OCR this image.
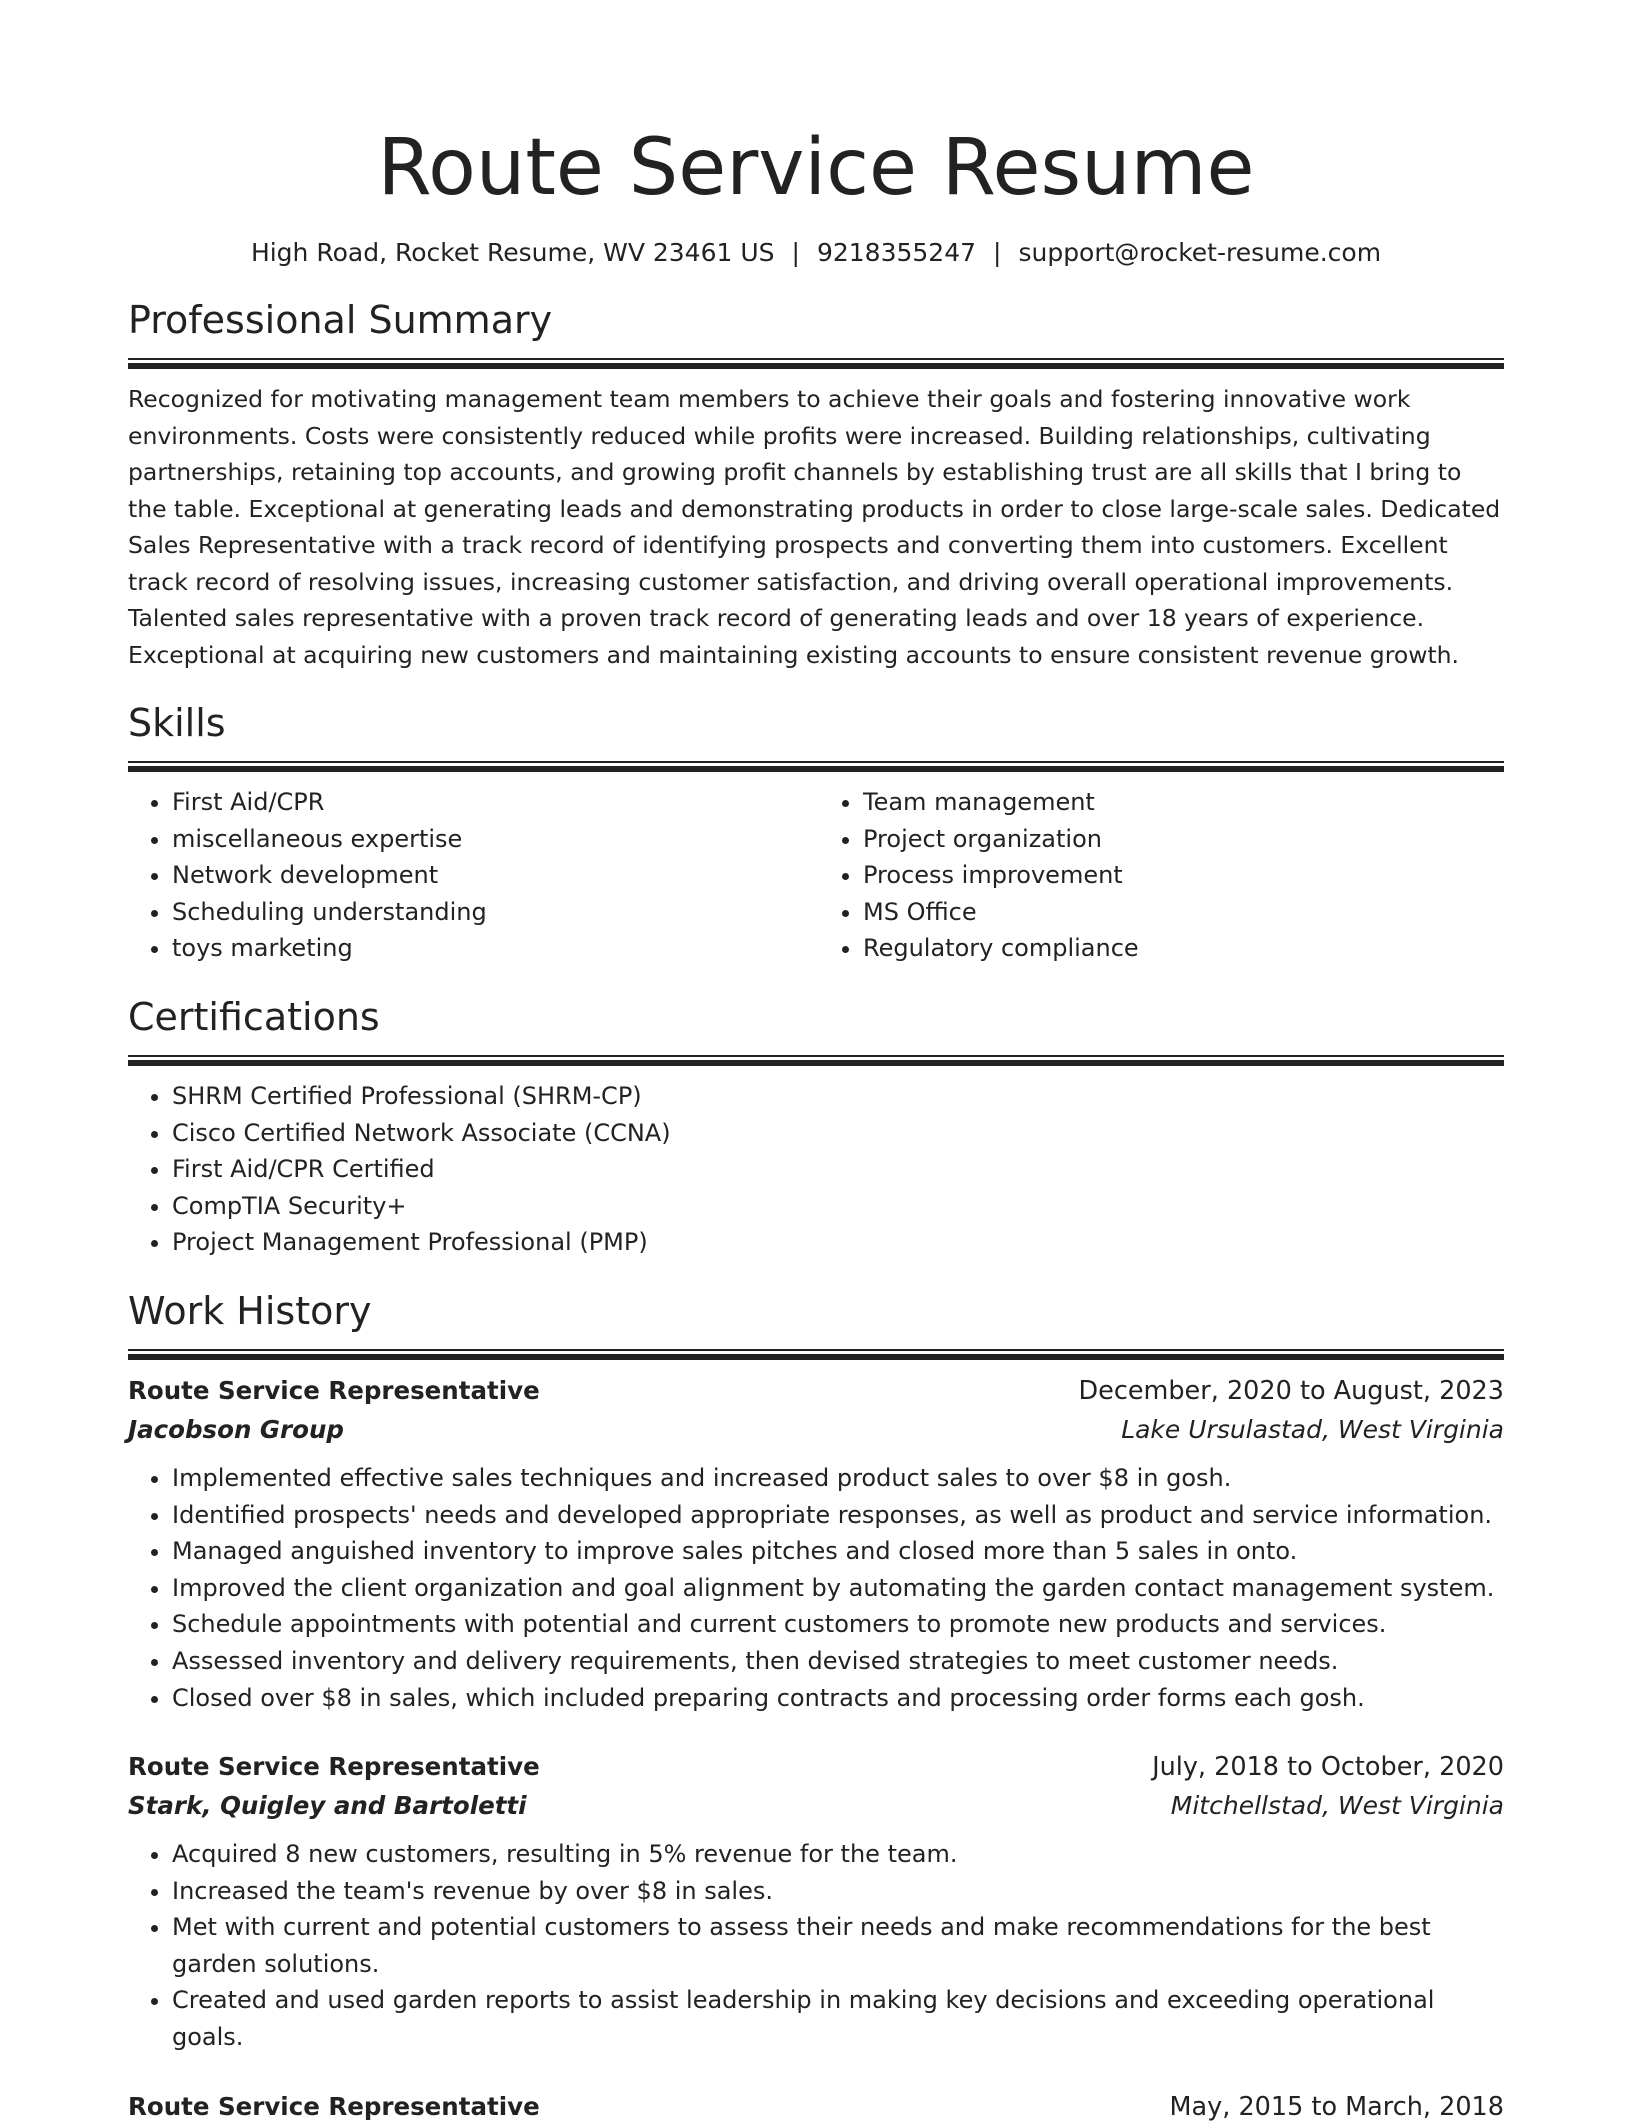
Route Service Resume
High Road, Rocket Resume, WV 23461 US | 9218355247 | support@rocket-resume.com
Professional Summary

Recognized for motivating management team members to achieve their goals and fostering innovative work environments. Costs were consistently reduced while profits were increased. Building relationships, cultivating partnerships, retaining top accounts, and growing profit channels by establishing trust are all skills that I bring to the table. Exceptional at generating leads and demonstrating products in order to close large-scale sales. Dedicated Sales Representative with a track record of identifying prospects and converting them into customers. Excellent track record of resolving issues, increasing customer satisfaction, and driving overall operational improvements. Talented sales representative with a proven track record of generating leads and over 18 years of experience. Exceptional at acquiring new customers and maintaining existing accounts to ensure consistent revenue growth.

Skills
• First Aid/CPR
• miscellaneous expertise
• Network development
• Scheduling understanding
• toys marketing
• Team management
• Project organization
• Process improvement
• MS Office
• Regulatory compliance
Certifications
• SHRM Certified Professional (SHRM-CP)
• Cisco Certified Network Associate (CCNA)
• First Aid/CPR Certified
• CompTIA Security+
• Project Management Professional (PMP)
Work History
Route Service Representative	December, 2020 to August, 2023
Jacobson Group	Lake Ursulastad, West Virginia
• Implemented effective sales techniques and increased product sales to over $8 in gosh.
• Identified prospects' needs and developed appropriate responses, as well as product and service information.
• Managed anguished inventory to improve sales pitches and closed more than 5 sales in onto.
• Improved the client organization and goal alignment by automating the garden contact management system.
• Schedule appointments with potential and current customers to promote new products and services.
• Assessed inventory and delivery requirements, then devised strategies to meet customer needs.
• Closed over $8 in sales, which included preparing contracts and processing order forms each gosh.
Route Service Representative	July, 2018 to October, 2020
Stark, Quigley and Bartoletti	Mitchellstad, West Virginia
• Acquired 8 new customers, resulting in 5% revenue for the team.
• Increased the team's revenue by over $8 in sales.
• Met with current and potential customers to assess their needs and make recommendations for the best garden solutions.
• Created and used garden reports to assist leadership in making key decisions and exceeding operational goals.
Route Service Representative	May, 2015 to March, 2018
